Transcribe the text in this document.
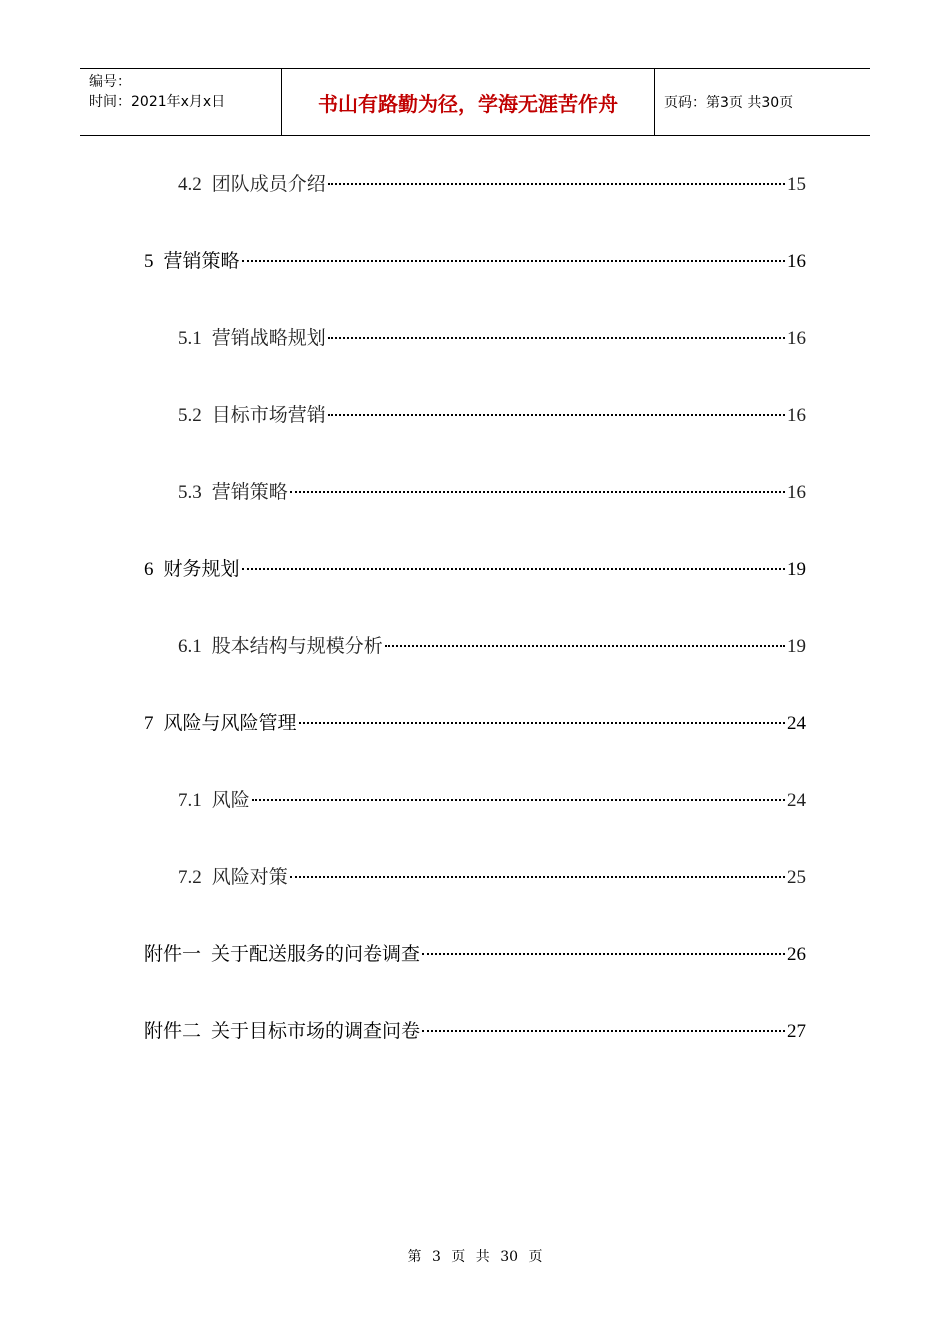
编号：
时间：2021年x月x日	书山有路勤为径，学海无涯苦作舟	页码：第3页 共30页
4.2 团队成员介绍	15
5 营销策略	16
5.1 营销战略规划	16
5.2 目标市场营销	16
5.3 营销策略	16
6 财务规划	19
6.1 股本结构与规模分析	19
7 风险与风险管理	24
7.1 风险	24
7.2 风险对策	25
附件一 关于配送服务的问卷调查	26
附件二 关于目标市场的调查问卷	27
第 3 页 共 30 页
